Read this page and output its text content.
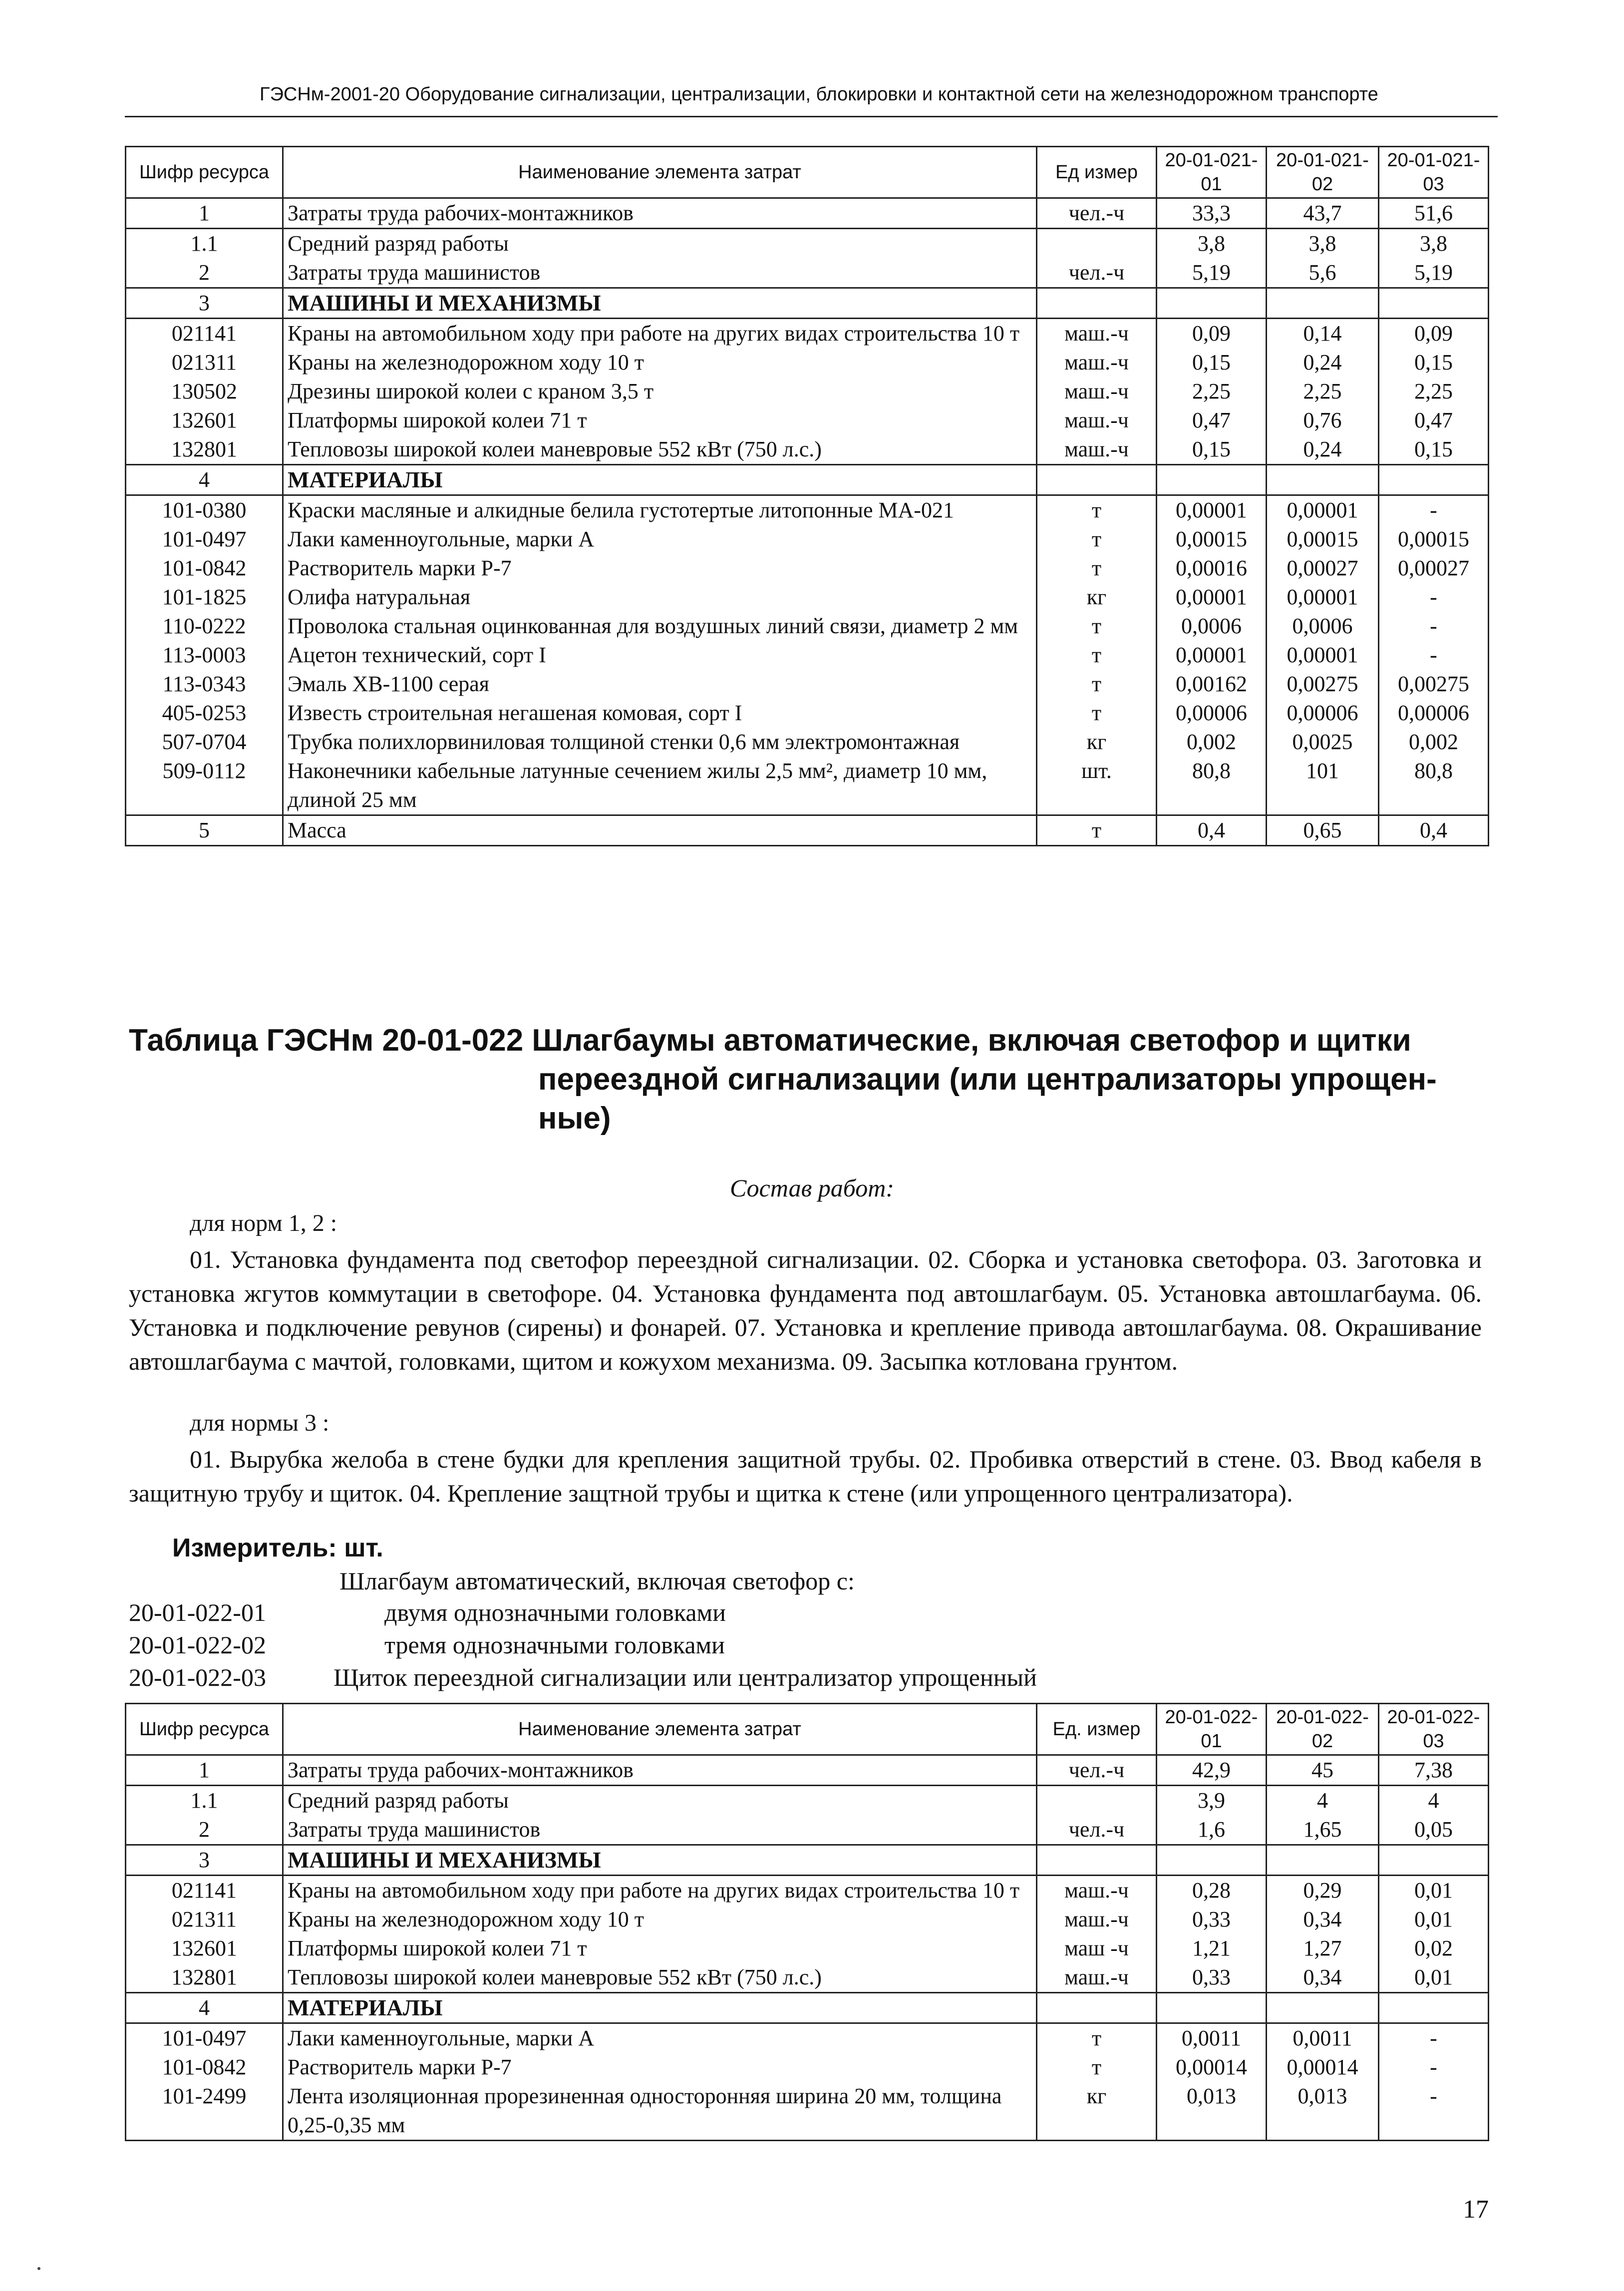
ГЭСНм-2001-20 Оборудование сигнализации, централизации, блокировки и контактной сети на железнодорожном транспорте
Шифр ресурса	Наименование элемента затрат	Ед измер	20-01-021-01	20-01-021-02	20-01-021-03
1	Затраты труда рабочих-монтажников	чел.-ч	33,3	43,7	51,6
1.1	Средний разряд работы		3,8	3,8	3,8
2	Затраты труда машинистов	чел.-ч	5,19	5,6	5,19
3	МАШИНЫ И МЕХАНИЗМЫ				
021141	Краны на автомобильном ходу при работе на других видах строительства 10 т	маш.-ч	0,09	0,14	0,09
021311	Краны на железнодорожном ходу 10 т	маш.-ч	0,15	0,24	0,15
130502	Дрезины широкой колеи с краном 3,5 т	маш.-ч	2,25	2,25	2,25
132601	Платформы широкой колеи 71 т	маш.-ч	0,47	0,76	0,47
132801	Тепловозы широкой колеи маневровые 552 кВт (750 л.с.)	маш.-ч	0,15	0,24	0,15
4	МАТЕРИАЛЫ				
101-0380	Краски масляные и алкидные белила густотертые литопонные МА-021	т	0,00001	0,00001	-
101-0497	Лаки каменноугольные, марки А	т	0,00015	0,00015	0,00015
101-0842	Растворитель марки Р-7	т	0,00016	0,00027	0,00027
101-1825	Олифа натуральная	кг	0,00001	0,00001	-
110-0222	Проволока стальная оцинкованная для воздушных линий связи, диаметр 2 мм	т	0,0006	0,0006	-
113-0003	Ацетон технический, сорт I	т	0,00001	0,00001	-
113-0343	Эмаль ХВ-1100 серая	т	0,00162	0,00275	0,00275
405-0253	Известь строительная негашеная комовая, сорт I	т	0,00006	0,00006	0,00006
507-0704	Трубка полихлорвиниловая толщиной стенки 0,6 мм электромонтажная	кг	0,002	0,0025	0,002
509-0112	Наконечники кабельные латунные сечением жилы 2,5 мм², диаметр 10 мм, длиной 25 мм	шт.	80,8	101	80,8
5	Масса	т	0,4	0,65	0,4
Таблица ГЭСНм 20-01-022 Шлагбаумы автоматические, включая светофор и щитки
переездной сигнализации (или централизаторы упрощен-
ные)
Состав работ:
для норм 1, 2 :
01. Установка фундамента под светофор переездной сигнализации. 02. Сборка и установка светофора. 03. Заготовка и установка жгутов коммутации в светофоре. 04. Установка фундамента под автошлагбаум. 05. Установка автошлагбаума. 06. Установка и подключение ревунов (сирены) и фонарей. 07. Установка и крепление привода автошлагбаума. 08. Окрашивание автошлагбаума с мачтой, головками, щитом и кожухом механизма. 09. Засыпка котлована грунтом.
для нормы 3 :
01. Вырубка желоба в стене будки для крепления защитной трубы. 02. Пробивка отверстий в стене. 03. Ввод кабеля в защитную трубу и щиток. 04. Крепление защтной трубы и щитка к стене (или упрощенного централизатора).
Измеритель: шт.
Шлагбаум автоматический, включая светофор с:
20-01-022-01	двумя однозначными головками
20-01-022-02	тремя однозначными головками
20-01-022-03	Щиток переездной сигнализации или централизатор упрощенный
Шифр ресурса	Наименование элемента затрат	Ед. измер	20-01-022-01	20-01-022-02	20-01-022-03
1	Затраты труда рабочих-монтажников	чел.-ч	42,9	45	7,38
1.1	Средний разряд работы		3,9	4	4
2	Затраты труда машинистов	чел.-ч	1,6	1,65	0,05
3	МАШИНЫ И МЕХАНИЗМЫ				
021141	Краны на автомобильном ходу при работе на других видах строительства 10 т	маш.-ч	0,28	0,29	0,01
021311	Краны на железнодорожном ходу 10 т	маш.-ч	0,33	0,34	0,01
132601	Платформы широкой колеи 71 т	маш -ч	1,21	1,27	0,02
132801	Тепловозы широкой колеи маневровые 552 кВт (750 л.с.)	маш.-ч	0,33	0,34	0,01
4	МАТЕРИАЛЫ				
101-0497	Лаки каменноугольные, марки А	т	0,0011	0,0011	-
101-0842	Растворитель марки Р-7	т	0,00014	0,00014	-
101-2499	Лента изоляционная прорезиненная односторонняя ширина 20 мм, толщина 0,25-0,35 мм	кг	0,013	0,013	-
17
